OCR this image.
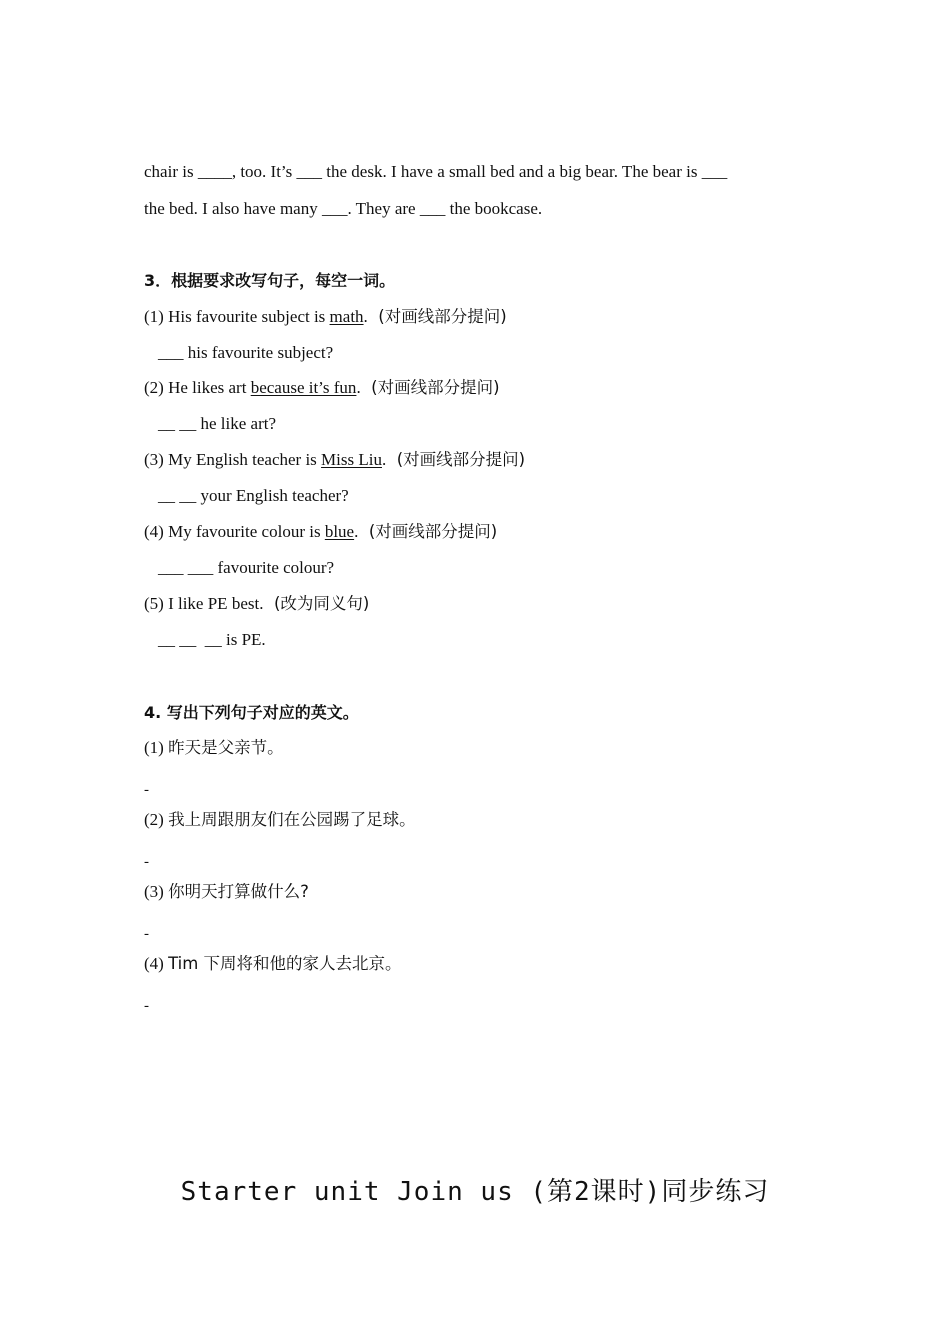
chair is ____, too. It’s ___ the desk. I have a small bed and a big bear. The bear is ___
the bed. I also have many ___. They are ___ the bookcase.
3．根据要求改写句子，每空一词。
(1) His favourite subject is math.  (对画线部分提问)
___ his favourite subject?
(2) He likes art because it’s fun.  (对画线部分提问)
__ __ he like art?
(3) My English teacher is Miss Liu.  (对画线部分提问)
__ __ your English teacher?
(4) My favourite colour is blue.  (对画线部分提问)
___ ___ favourite colour?
(5) I like PE best.  (改为同义句)
__ __  __ is PE.
4. 写出下列句子对应的英文。
(1) 昨天是父亲节。
-
(2) 我上周跟朋友们在公园踢了足球。
-
(3) 你明天打算做什么?
-
(4) Tim 下周将和他的家人去北京。
-
Starter unit Join us (第2课时)同步练习
